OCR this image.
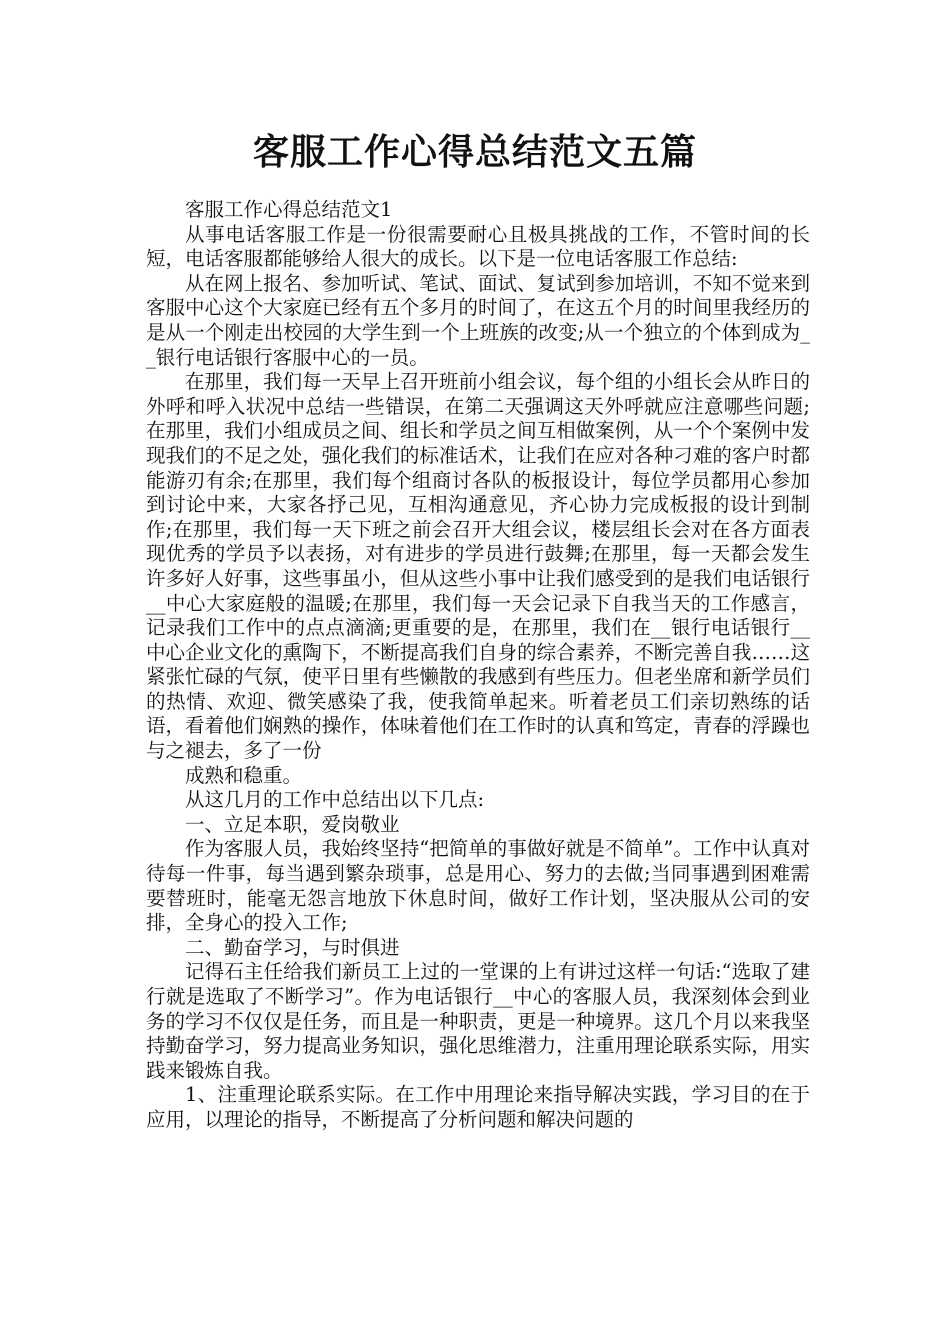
客服工作心得总结范文五篇

客服工作心得总结范文1

从事电话客服工作是一份很需要耐心且极具挑战的工作，不管时间的长短，电话客服都能够给人很大的成长。以下是一位电话客服工作总结:

从在网上报名、参加听试、笔试、面试、复试到参加培训，不知不觉来到客服中心这个大家庭已经有五个多月的时间了，在这五个月的时间里我经历的是从一个刚走出校园的大学生到一个上班族的改变;从一个独立的个体到成为__银行电话银行客服中心的一员。

在那里，我们每一天早上召开班前小组会议，每个组的小组长会从昨日的外呼和呼入状况中总结一些错误，在第二天强调这天外呼就应注意哪些问题;在那里，我们小组成员之间、组长和学员之间互相做案例，从一个个案例中发现我们的不足之处，强化我们的标准话术，让我们在应对各种刁难的客户时都能游刃有余;在那里，我们每个组商讨各队的板报设计，每位学员都用心参加到讨论中来，大家各抒己见，互相沟通意见，齐心协力完成板报的设计到制作;在那里，我们每一天下班之前会召开大组会议，楼层组长会对在各方面表现优秀的学员予以表扬，对有进步的学员进行鼓舞;在那里，每一天都会发生许多好人好事，这些事虽小，但从这些小事中让我们感受到的是我们电话银行__中心大家庭般的温暖;在那里，我们每一天会记录下自我当天的工作感言，记录我们工作中的点点滴滴;更重要的是，在那里，我们在__银行电话银行__中心企业文化的熏陶下，不断提高我们自身的综合素养，不断完善自我……这紧张忙碌的气氛，使平日里有些懒散的我感到有些压力。但老坐席和新学员们的热情、欢迎、微笑感染了我，使我简单起来。听着老员工们亲切熟练的话语，看着他们娴熟的操作，体味着他们在工作时的认真和笃定，青春的浮躁也与之褪去，多了一份

成熟和稳重。

从这几月的工作中总结出以下几点:

一、立足本职，爱岗敬业

作为客服人员，我始终坚持“把简单的事做好就是不简单”。工作中认真对待每一件事，每当遇到繁杂琐事，总是用心、努力的去做;当同事遇到困难需要替班时，能毫无怨言地放下休息时间，做好工作计划，坚决服从公司的安排，全身心的投入工作;

二、勤奋学习，与时俱进

记得石主任给我们新员工上过的一堂课的上有讲过这样一句话:“选取了建行就是选取了不断学习”。作为电话银行__中心的客服人员，我深刻体会到业务的学习不仅仅是任务，而且是一种职责，更是一种境界。这几个月以来我坚持勤奋学习，努力提高业务知识，强化思维潜力，注重用理论联系实际，用实践来锻炼自我。

1、注重理论联系实际。在工作中用理论来指导解决实践，学习目的在于应用，以理论的指导，不断提高了分析问题和解决问题的
